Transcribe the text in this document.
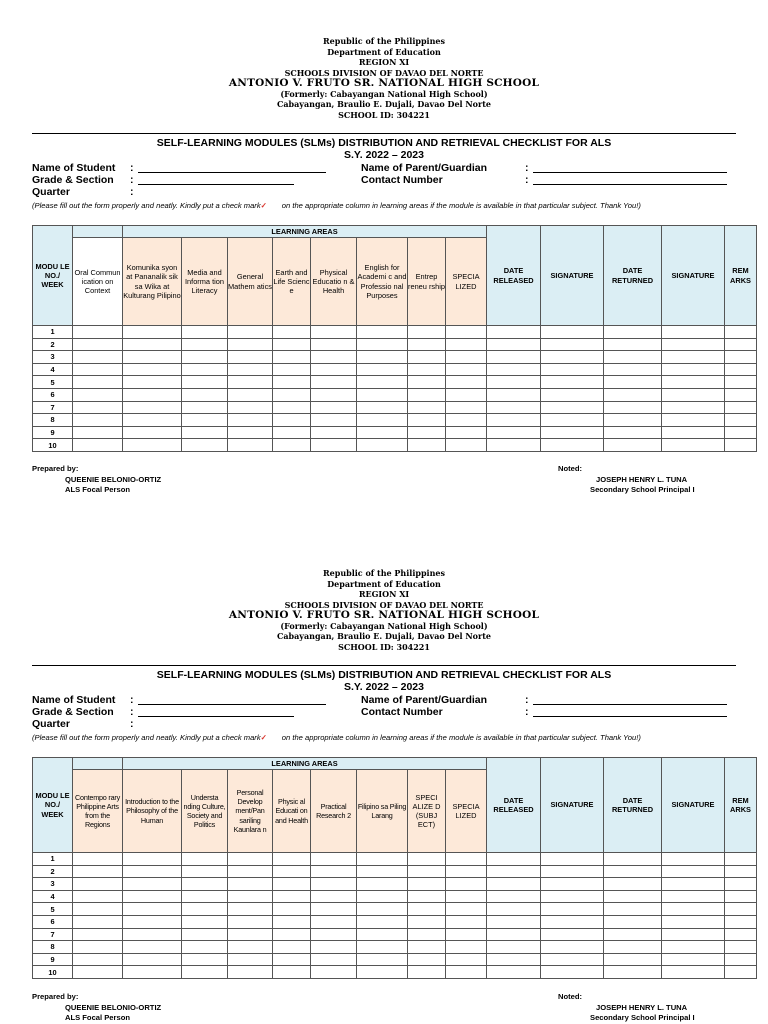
Republic of the Philippines
Department of Education
REGION XI
SCHOOLS DIVISION OF DAVAO DEL NORTE
ANTONIO V. FRUTO SR. NATIONAL HIGH SCHOOL
(Formerly: Cabayangan National High School)
Cabayangan, Braulio E. Dujali, Davao Del Norte
SCHOOL ID: 304221
SELF-LEARNING MODULES (SLMs) DISTRIBUTION AND RETRIEVAL CHECKLIST FOR ALS
S.Y. 2022 – 2023
Name of Student :	Name of Parent/Guardian	:
Grade & Section :	Contact Number	:
Quarter	:
(Please fill out the form properly and neatly. Kindly put a check mark✓ on the appropriate column in learning areas if the module is available in that particular subject. Thank You!)
MODU LE NO./ WEEK		LEARNING AREAS								DATE RELEASED	SIGNATURE	DATE RETURNED	SIGNATURE	REM ARKS
	Oral Commun ication on Context	Komunika syon at Pananalik sik sa Wika at Kulturang Pilipino	Media and Informa tion Literacy	General Mathem atics	Earth and Life Scienc e	Physical Educatio n & Health	English for Academi c and Professio nal Purposes	Entrep reneu rship	SPECIA LIZED					
1														
2														
3														
4														
5														
6														
7														
8														
9														
10														
Prepared by:
QUEENIE BELONIO-ORTIZ
ALS Focal Person
Noted:
JOSEPH HENRY L. TUNA
Secondary School Principal I
Republic of the Philippines
Department of Education
REGION XI
SCHOOLS DIVISION OF DAVAO DEL NORTE
ANTONIO V. FRUTO SR. NATIONAL HIGH SCHOOL
(Formerly: Cabayangan National High School)
Cabayangan, Braulio E. Dujali, Davao Del Norte
SCHOOL ID: 304221
SELF-LEARNING MODULES (SLMs) DISTRIBUTION AND RETRIEVAL CHECKLIST FOR ALS
S.Y. 2022 – 2023
Name of Student :	Name of Parent/Guardian	:
Grade & Section :	Contact Number	:
Quarter	:
(Please fill out the form properly and neatly. Kindly put a check mark✓ on the appropriate column in learning areas if the module is available in that particular subject. Thank You!)
MODU LE NO./ WEEK		LEARNING AREAS								DATE RELEASED	SIGNATURE	DATE RETURNED	SIGNATURE	REM ARKS
	Contempo rary Philippine Arts from the Regions	Introduction to the Philosophy of the Human	Understa nding Culture, Society and Politics	Personal Develop ment/Pan sariling Kaunlara n	Physic al Educati on and Health	Practical Research 2	Filipino sa Piling Larang	SPECI ALIZE D (SUBJ ECT)	SPECIA LIZED					
1														
2														
3														
4														
5														
6														
7														
8														
9														
10														
Prepared by:
QUEENIE BELONIO-ORTIZ
ALS Focal Person
Noted:
JOSEPH HENRY L. TUNA
Secondary School Principal I
